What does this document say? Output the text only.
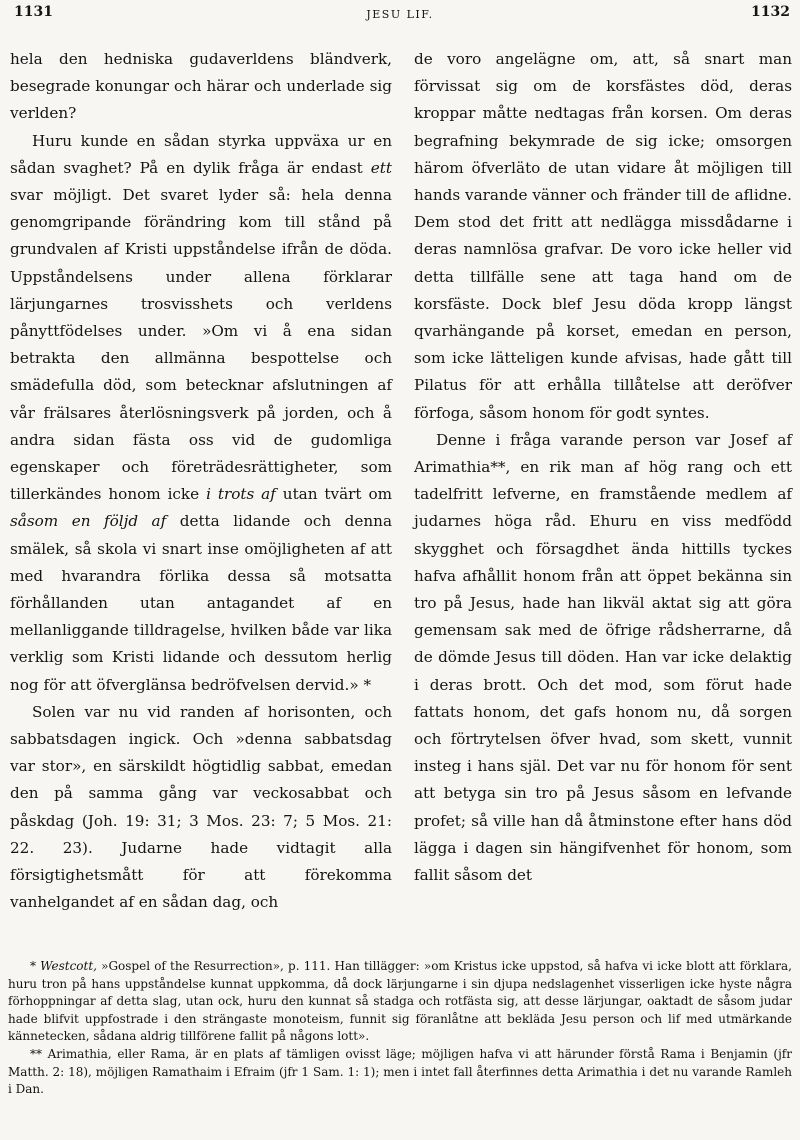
1131	JESU LIF.	1132

hela den hedniska gudaverldens bländverk, besegrade konungar och härar och underlade sig verlden?

Huru kunde en sådan styrka uppväxa ur en sådan svaghet? På en dylik fråga är endast ett svar möjligt. Det svaret lyder så: hela denna genomgripande förändring kom till stånd på grundvalen af Kristi uppståndelse ifrån de döda. Uppståndelsens under allena förklarar lärjungarnes trosvisshets och verldens pånyttfödelses under. »Om vi å ena sidan betrakta den allmänna bespottelse och smädefulla död, som betecknar afslutningen af vår frälsares återlösningsverk på jorden, och å andra sidan fästa oss vid de gudomliga egenskaper och företrädesrättigheter, som tillerkändes honom icke i trots af utan tvärt om såsom en följd af detta lidande och denna smälek, så skola vi snart inse omöjligheten af att med hvarandra förlika dessa så motsatta förhållanden utan antagandet af en mellanliggande tilldragelse, hvilken både var lika verklig som Kristi lidande och dessutom herlig nog för att öfverglänsa bedröfvelsen dervid.» *

Solen var nu vid randen af horisonten, och sabbatsdagen ingick. Och »denna sabbatsdag var stor», en särskildt högtidlig sabbat, emedan den på samma gång var veckosabbat och påskdag (Joh. 19: 31; 3 Mos. 23: 7; 5 Mos. 21: 22. 23). Judarne hade vidtagit alla försigtighetsmått för att förekomma vanhelgandet af en sådan dag, och

de voro angelägne om, att, så snart man förvissat sig om de korsfästes död, deras kroppar måtte nedtagas från korsen. Om deras begrafning bekymrade de sig icke; omsorgen härom öfverläto de utan vidare åt möjligen till hands varande vänner och fränder till de aflidne. Dem stod det fritt att nedlägga missdådarne i deras namnlösa grafvar. De voro icke heller vid detta tillfälle sene att taga hand om de korsfäste. Dock blef Jesu döda kropp längst qvarhängande på korset, emedan en person, som icke lätteligen kunde afvisas, hade gått till Pilatus för att erhålla tillåtelse att deröfver förfoga, såsom honom för godt syntes.

Denne i fråga varande person var Josef af Arimathia**, en rik man af hög rang och ett tadelfritt lefverne, en framstående medlem af judarnes höga råd. Ehuru en viss medfödd skygghet och försagdhet ända hittills tyckes hafva afhållit honom från att öppet bekänna sin tro på Jesus, hade han likväl aktat sig att göra gemensam sak med de öfrige rådsherrarne, då de dömde Jesus till döden. Han var icke delaktig i deras brott. Och det mod, som förut hade fattats honom, det gafs honom nu, då sorgen och förtrytelsen öfver hvad, som skett, vunnit insteg i hans själ. Det var nu för honom för sent att betyga sin tro på Jesus såsom en lefvande profet; så ville han då åtminstone efter hans död lägga i dagen sin hängifvenhet för honom, som fallit såsom det

* Westcott, »Gospel of the Resurrection», p. 111. Han tillägger: »om Kristus icke uppstod, så hafva vi icke blott att förklara, huru tron på hans uppståndelse kunnat uppkomma, då dock lärjungarne i sin djupa nedslagenhet visserligen icke hyste några förhoppningar af detta slag, utan ock, huru den kunnat så stadga och rotfästa sig, att desse lärjungar, oaktadt de såsom judar hade blifvit uppfostrade i den strängaste monoteism, funnit sig föranlåtne att bekläda Jesu person och lif med utmärkande kännetecken, sådana aldrig tillförene fallit på någons lott».

** Arimathia, eller Rama, är en plats af tämligen ovisst läge; möjligen hafva vi att härunder förstå Rama i Benjamin (jfr Matth. 2: 18), möjligen Ramathaim i Efraim (jfr 1 Sam. 1: 1); men i intet fall återfinnes detta Arimathia i det nu varande Ramleh i Dan.
